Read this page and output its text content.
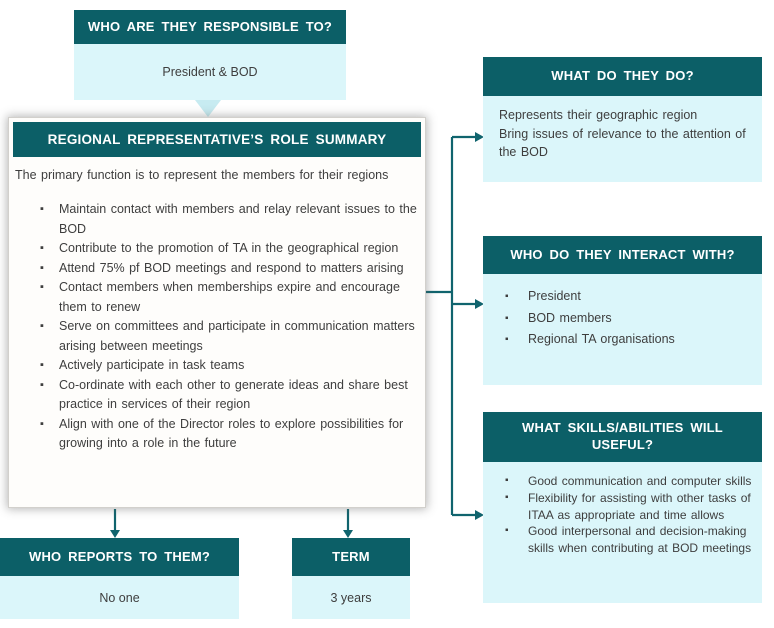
WHO ARE THEY RESPONSIBLE TO?
President & BOD
REGIONAL REPRESENTATIVE’S ROLE SUMMARY
The primary function is to represent the members for their regions
▪ Maintain contact with members and relay relevant issues to the BOD
▪ Contribute to the promotion of TA in the geographical region
▪ Attend 75% pf BOD meetings and respond to matters arising
▪ Contact members when memberships expire and encourage them to renew
▪ Serve on committees and participate in communication matters arising between meetings
▪ Actively participate in task teams
▪ Co-ordinate with each other to generate ideas and share best practice in services of their region
▪ Align with one of the Director roles to explore possibilities for growing into a role in the future
WHAT DO THEY DO?
Represents their geographic region
Bring issues of relevance to the attention of the BOD
WHO DO THEY INTERACT WITH?
▪ President
▪ BOD members
▪ Regional TA organisations
WHAT SKILLS/ABILITIES WILL USEFUL?
▪ Good communication and computer skills
▪ Flexibility for assisting with other tasks of ITAA as appropriate and time allows
▪ Good interpersonal and decision-making skills when contributing at BOD meetings
WHO REPORTS TO THEM?
No one
TERM
3 years
